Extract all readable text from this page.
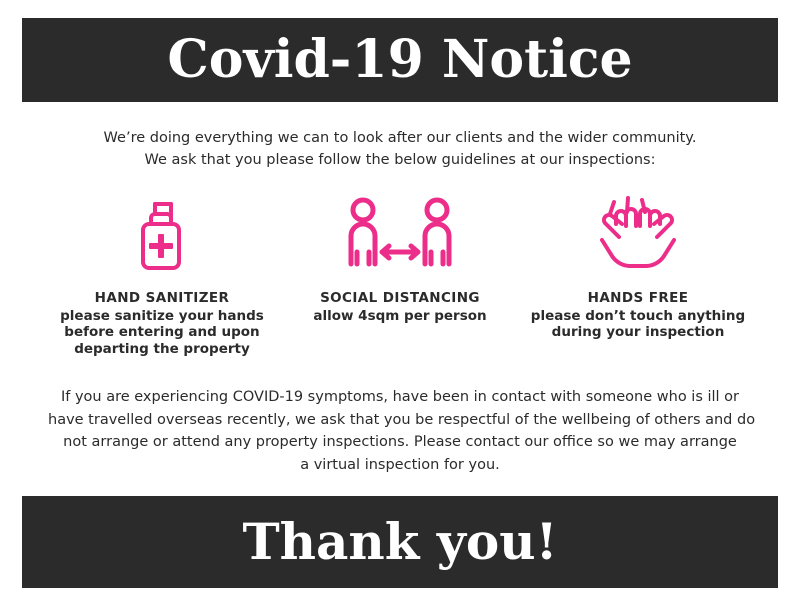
Covid-19 Notice
We’re doing everything we can to look after our clients and the wider community.
We ask that you please follow the below guidelines at our inspections:
HAND SANITIZER
please sanitize your hands
before entering and upon
departing the property
SOCIAL DISTANCING
allow 4sqm per person
HANDS FREE
please don’t touch anything
during your inspection
If you are experiencing COVID-19 symptoms, have been in contact with someone who is ill or
have travelled overseas recently, we ask that you be respectful of the wellbeing of others and do
not arrange or attend any property inspections. Please contact our office so we may arrange
a virtual inspection for you.
Thank you!
